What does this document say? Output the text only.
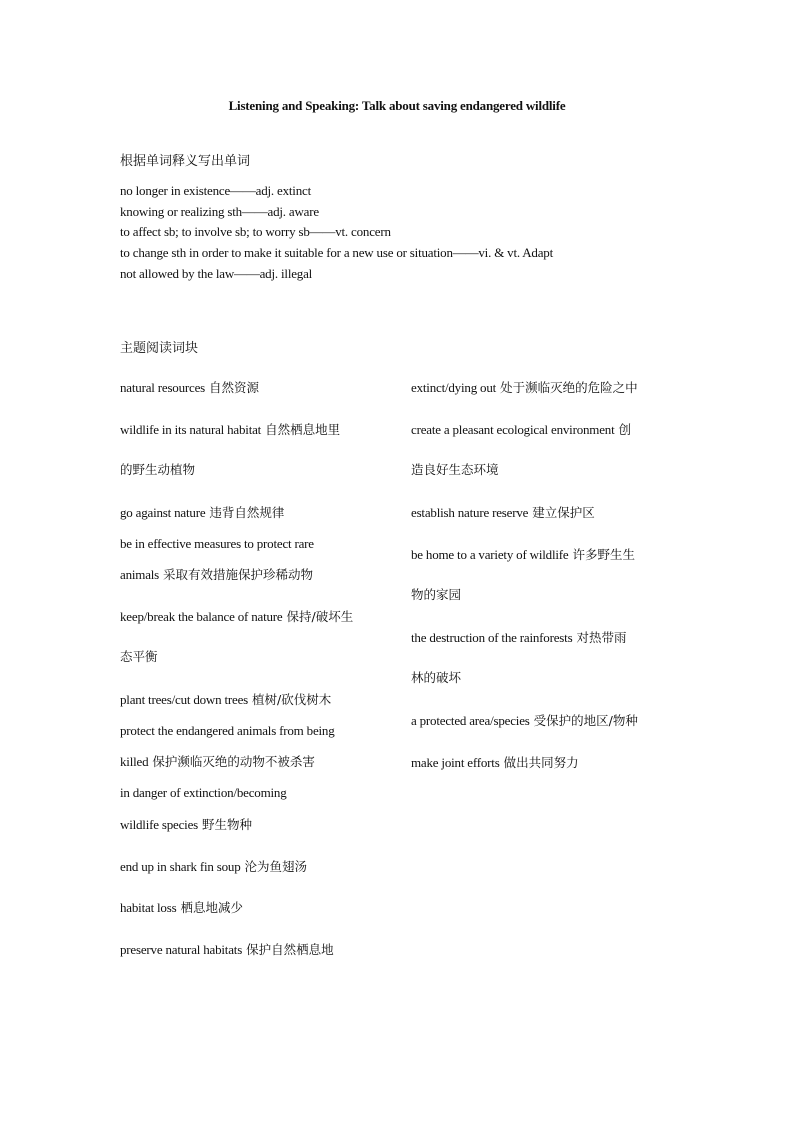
Listening and Speaking: Talk about saving endangered wildlife
根据单词释义写出单词
no longer in existence——adj. extinct
knowing or realizing sth——adj. aware
to affect sb; to involve sb; to worry sb——vt. concern
to change sth in order to make it suitable for a new use or situation——vi. & vt. Adapt
not allowed by the law——adj. illegal
主题阅读词块
natural resources 自然资源
wildlife in its natural habitat 自然栖息地里
的野生动植物
go against nature 违背自然规律
be in effective measures to protect rare
animals 采取有效措施保护珍稀动物
keep/break the balance of nature 保持/破坏生
态平衡
plant trees/cut down trees 植树/砍伐树木
protect the endangered animals from being
killed 保护濒临灭绝的动物不被杀害
in danger of extinction/becoming
wildlife species 野生物种
end up in shark fin soup 沦为鱼翅汤
habitat loss 栖息地减少
preserve natural habitats 保护自然栖息地
extinct/dying out 处于濒临灭绝的危险之中
create a pleasant ecological environment 创
造良好生态环境
establish nature reserve 建立保护区
be home to a variety of wildlife 许多野生生
物的家园
the destruction of the rainforests 对热带雨
林的破坏
a protected area/species 受保护的地区/物种
make joint efforts 做出共同努力
